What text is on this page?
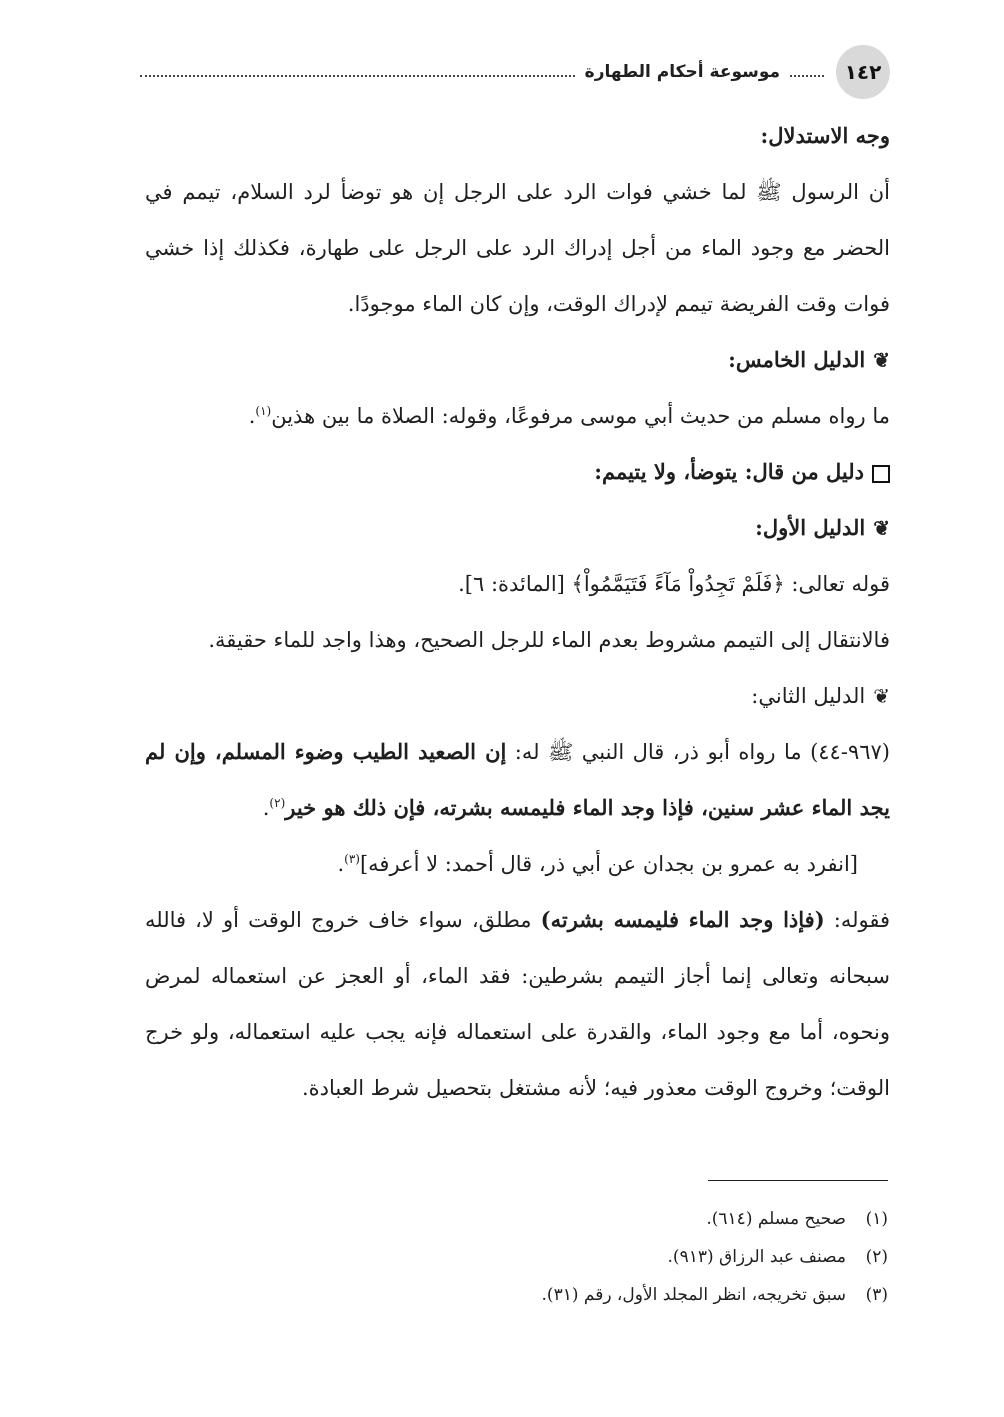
١٤٢
موسوعة أحكام الطهارة

وجه الاستدلال:

أن الرسول ﷺ لما خشي فوات الرد على الرجل إن هو توضأ لرد السلام، تيمم في الحضر مع وجود الماء من أجل إدراك الرد على الرجل على طهارة، فكذلك إذا خشي فوات وقت الفريضة تيمم لإدراك الوقت، وإن كان الماء موجودًا.

❦الدليل الخامس:

ما رواه مسلم من حديث أبي موسى مرفوعًا، وقوله: الصلاة ما بين هذين$^{(١)}$.

دليل من قال: يتوضأ، ولا يتيمم:

❦الدليل الأول:

قوله تعالى: ﴿فَلَمْ تَجِدُواْ مَآءً فَتَيَمَّمُواْ﴾ [المائدة: ٦].

فالانتقال إلى التيمم مشروط بعدم الماء للرجل الصحيح، وهذا واجد للماء حقيقة.

❦الدليل الثاني:

(٩٦٧-٤٤) ما رواه أبو ذر، قال النبي ﷺ له: إن الصعيد الطيب وضوء المسلم، وإن لم يجد الماء عشر سنين، فإذا وجد الماء فليمسه بشرته، فإن ذلك هو خير$^{(٢)}$.

[انفرد به عمرو بن بجدان عن أبي ذر، قال أحمد: لا أعرفه]$^{(٣)}$.

فقوله: (فإذا وجد الماء فليمسه بشرته) مطلق، سواء خاف خروج الوقت أو لا، فالله سبحانه وتعالى إنما أجاز التيمم بشرطين: فقد الماء، أو العجز عن استعماله لمرض ونحوه، أما مع وجود الماء، والقدرة على استعماله فإنه يجب عليه استعماله، ولو خرج الوقت؛ وخروج الوقت معذور فيه؛ لأنه مشتغل بتحصيل شرط العبادة.

(١)
صحيح مسلم (٦١٤).
(٢)
مصنف عبد الرزاق (٩١٣).
(٣)
سبق تخريجه، انظر المجلد الأول، رقم (٣١).
